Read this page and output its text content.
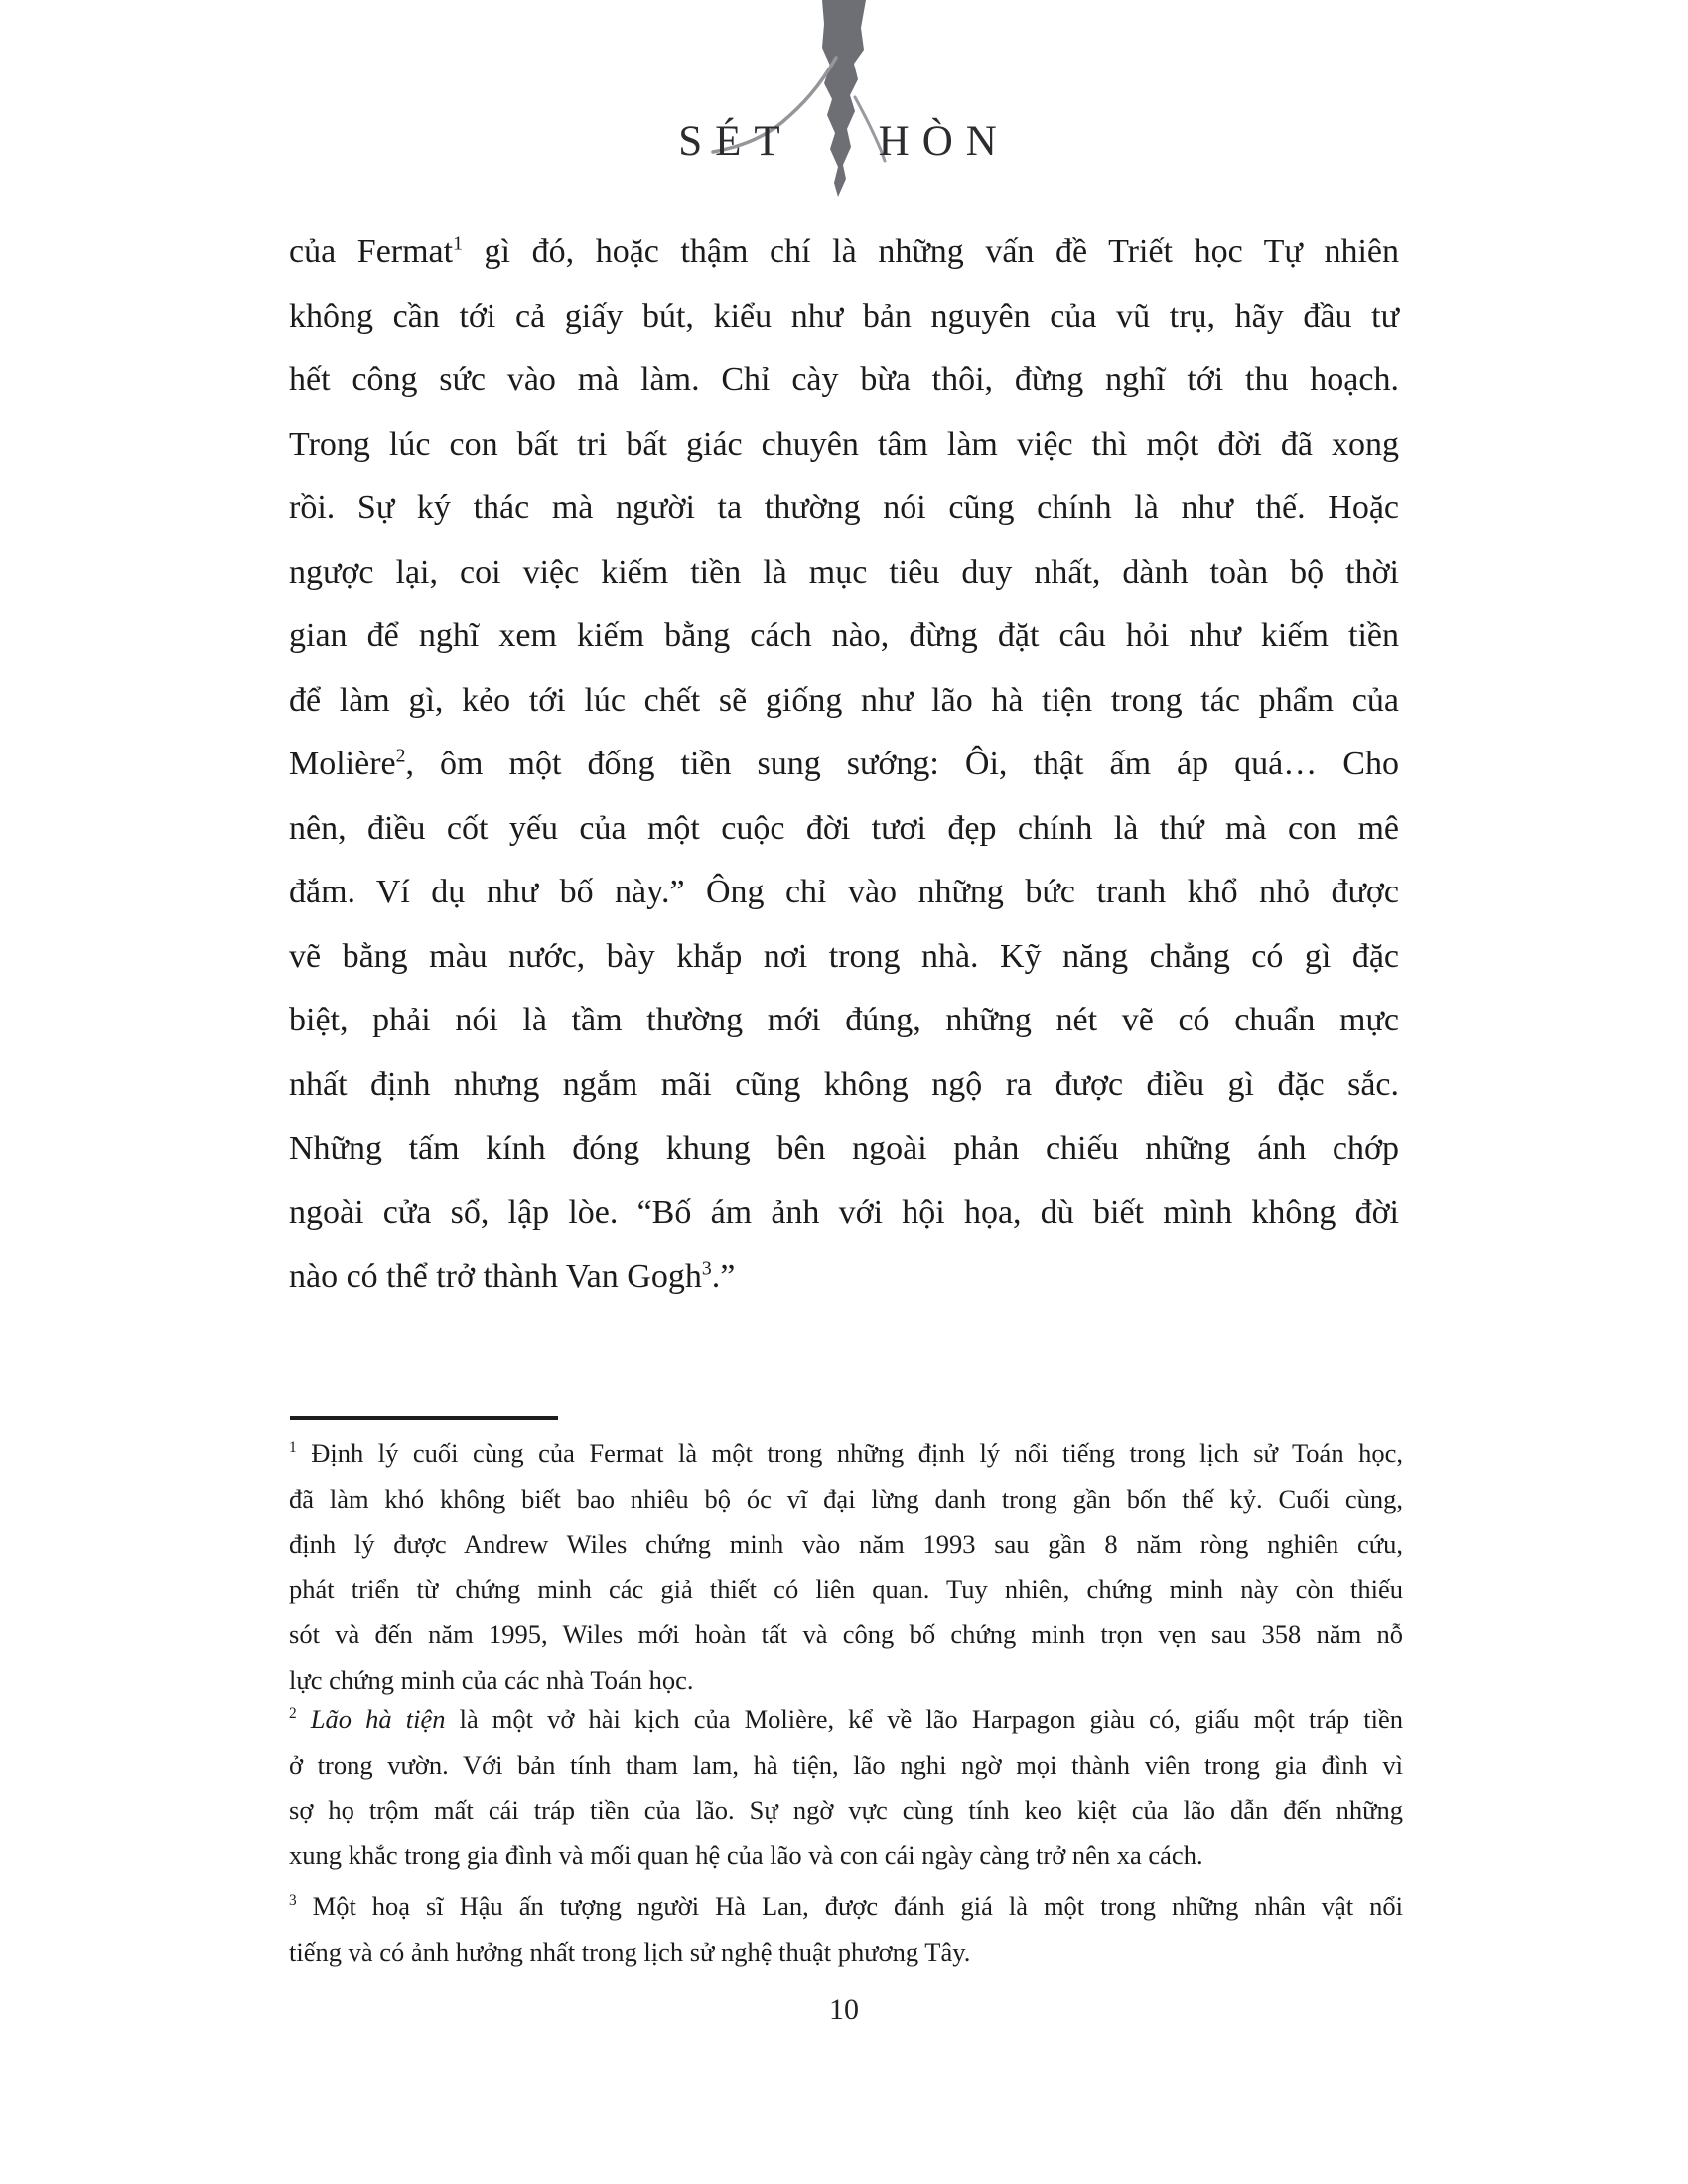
SÉT HÒN
của Fermat$^1$ gì đó, hoặc thậm chí là những vấn đề Triết học Tự nhiên
không cần tới cả giấy bút, kiểu như bản nguyên của vũ trụ, hãy đầu tư
hết công sức vào mà làm. Chỉ cày bừa thôi, đừng nghĩ tới thu hoạch.
Trong lúc con bất tri bất giác chuyên tâm làm việc thì một đời đã xong
rồi. Sự ký thác mà người ta thường nói cũng chính là như thế. Hoặc
ngược lại, coi việc kiếm tiền là mục tiêu duy nhất, dành toàn bộ thời
gian để nghĩ xem kiếm bằng cách nào, đừng đặt câu hỏi như kiếm tiền
để làm gì, kẻo tới lúc chết sẽ giống như lão hà tiện trong tác phẩm của
Molière$^2$, ôm một đống tiền sung sướng: Ôi, thật ấm áp quá… Cho
nên, điều cốt yếu của một cuộc đời tươi đẹp chính là thứ mà con mê
đắm. Ví dụ như bố này.” Ông chỉ vào những bức tranh khổ nhỏ được
vẽ bằng màu nước, bày khắp nơi trong nhà. Kỹ năng chẳng có gì đặc
biệt, phải nói là tầm thường mới đúng, những nét vẽ có chuẩn mực
nhất định nhưng ngắm mãi cũng không ngộ ra được điều gì đặc sắc.
Những tấm kính đóng khung bên ngoài phản chiếu những ánh chớp
ngoài cửa sổ, lập lòe. “Bố ám ảnh với hội họa, dù biết mình không đời
nào có thể trở thành Van Gogh$^3$.”
$^1$ Định lý cuối cùng của Fermat là một trong những định lý nổi tiếng trong lịch sử Toán học,
đã làm khó không biết bao nhiêu bộ óc vĩ đại lừng danh trong gần bốn thế kỷ. Cuối cùng,
định lý được Andrew Wiles chứng minh vào năm 1993 sau gần 8 năm ròng nghiên cứu,
phát triển từ chứng minh các giả thiết có liên quan. Tuy nhiên, chứng minh này còn thiếu
sót và đến năm 1995, Wiles mới hoàn tất và công bố chứng minh trọn vẹn sau 358 năm nỗ
lực chứng minh của các nhà Toán học.
$^2$ Lão hà tiện là một vở hài kịch của Molière, kể về lão Harpagon giàu có, giấu một tráp tiền
ở trong vườn. Với bản tính tham lam, hà tiện, lão nghi ngờ mọi thành viên trong gia đình vì
sợ họ trộm mất cái tráp tiền của lão. Sự ngờ vực cùng tính keo kiệt của lão dẫn đến những
xung khắc trong gia đình và mối quan hệ của lão và con cái ngày càng trở nên xa cách.
$^3$ Một hoạ sĩ Hậu ấn tượng người Hà Lan, được đánh giá là một trong những nhân vật nổi
tiếng và có ảnh hưởng nhất trong lịch sử nghệ thuật phương Tây.
10
